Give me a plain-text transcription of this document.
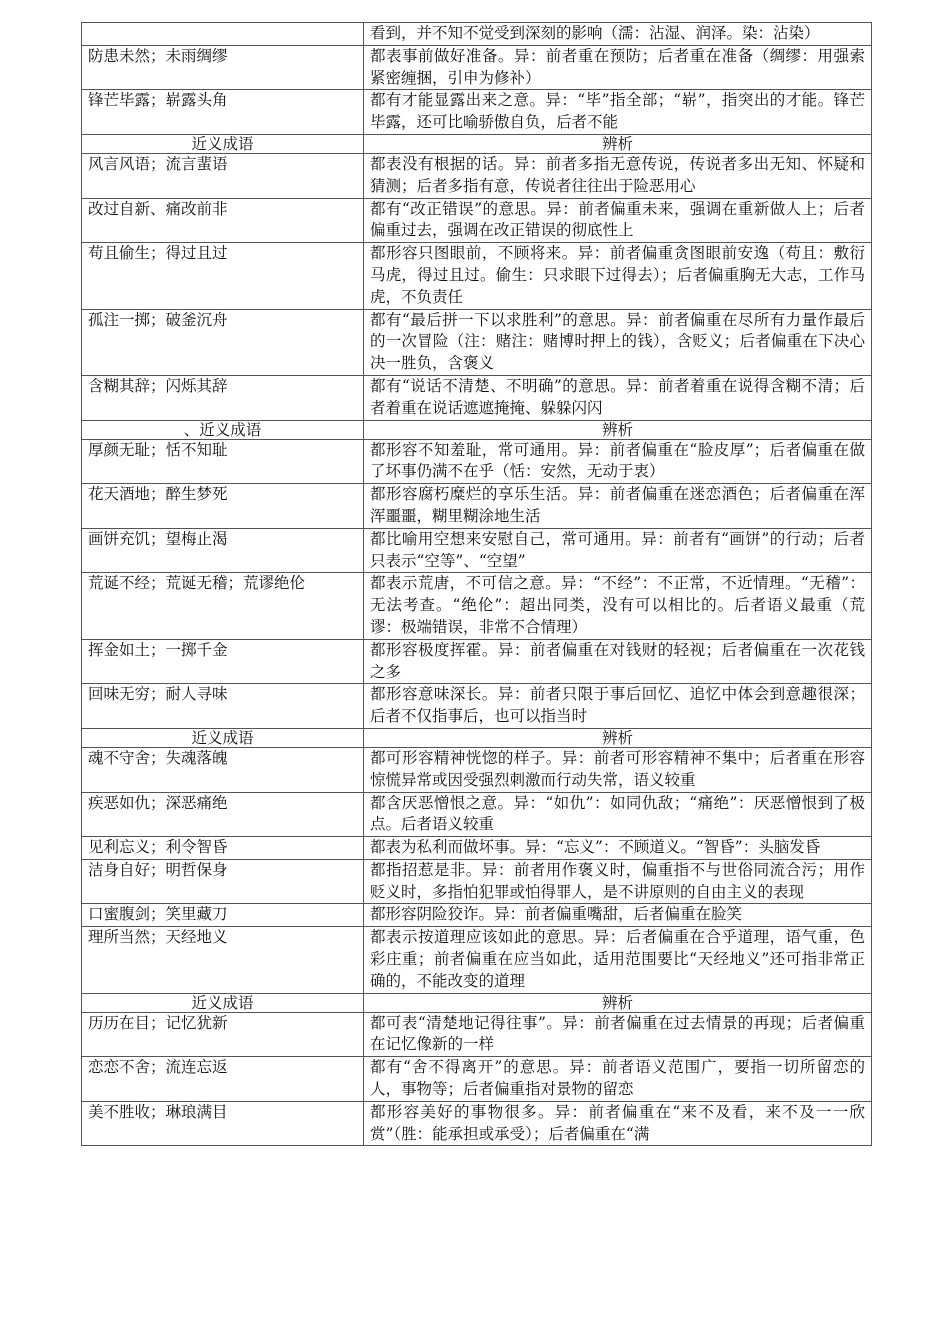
	看到，并不知不觉受到深刻的影响（濡：沾湿、润泽。染：沾染）
防患未然；未雨绸缪	都表事前做好准备。异：前者重在预防；后者重在准备（绸缪：用强索紧密缠捆，引申为修补）
锋芒毕露；崭露头角	都有才能显露出来之意。异：“毕”指全部；“崭”，指突出的才能。锋芒毕露，还可比喻骄傲自负，后者不能
近义成语	辨析
风言风语；流言蜚语	都表没有根据的话。异：前者多指无意传说，传说者多出无知、怀疑和猜测；后者多指有意，传说者往往出于险恶用心
改过自新、痛改前非	都有“改正错误”的意思。异：前者偏重未来，强调在重新做人上；后者偏重过去，强调在改正错误的彻底性上
苟且偷生；得过且过	都形容只图眼前，不顾将来。异：前者偏重贪图眼前安逸（苟且：敷衍马虎，得过且过。偷生：只求眼下过得去）；后者偏重胸无大志，工作马虎，不负责任
孤注一掷；破釜沉舟	都有“最后拼一下以求胜利”的意思。异：前者偏重在尽所有力量作最后的一次冒险（注：赌注：赌博时押上的钱），含贬义；后者偏重在下决心决一胜负，含褒义
含糊其辞；闪烁其辞	都有“说话不清楚、不明确”的意思。异：前者着重在说得含糊不清；后者着重在说话遮遮掩掩、躲躲闪闪
、近义成语	辨析
厚颜无耻；恬不知耻	都形容不知羞耻，常可通用。异：前者偏重在“脸皮厚”；后者偏重在做了坏事仍满不在乎（恬：安然，无动于衷）
花天酒地；醉生梦死	都形容腐朽糜烂的享乐生活。异：前者偏重在迷恋酒色；后者偏重在浑浑噩噩，糊里糊涂地生活
画饼充饥；望梅止渴	都比喻用空想来安慰自己，常可通用。异：前者有“画饼”的行动；后者只表示“空等”、“空望”
荒诞不经；荒诞无稽；荒谬绝伦	都表示荒唐，不可信之意。异：“不经”：不正常，不近情理。“无稽”：无法考查。“绝伦”：超出同类，没有可以相比的。后者语义最重（荒谬：极端错误，非常不合情理）
挥金如土；一掷千金	都形容极度挥霍。异：前者偏重在对钱财的轻视；后者偏重在一次花钱之多
回味无穷；耐人寻味	都形容意味深长。异：前者只限于事后回忆、追忆中体会到意趣很深；后者不仅指事后，也可以指当时
近义成语	辨析
魂不守舍；失魂落魄	都可形容精神恍惚的样子。异：前者可形容精神不集中；后者重在形容惊慌异常或因受强烈刺激而行动失常，语义较重
疾恶如仇；深恶痛绝	都含厌恶憎恨之意。异：“如仇”：如同仇敌；“痛绝”：厌恶憎恨到了极点。后者语义较重
见利忘义；利令智昏	都表为私利而做坏事。异：“忘义”：不顾道义。“智昏”：头脑发昏
洁身自好；明哲保身	都指招惹是非。异：前者用作褒义时，偏重指不与世俗同流合污；用作贬义时，多指怕犯罪或怕得罪人，是不讲原则的自由主义的表现
口蜜腹剑；笑里藏刀	都形容阴险狡诈。异：前者偏重嘴甜，后者偏重在脸笑
理所当然；天经地义	都表示按道理应该如此的意思。异：后者偏重在合乎道理，语气重，色彩庄重；前者偏重在应当如此，适用范围要比“天经地义”还可指非常正确的，不能改变的道理
近义成语	辨析
历历在目；记忆犹新	都可表“清楚地记得往事”。异：前者偏重在过去情景的再现；后者偏重在记忆像新的一样
恋恋不舍；流连忘返	都有“舍不得离开”的意思。异：前者语义范围广，要指一切所留恋的人，事物等；后者偏重指对景物的留恋
美不胜收；琳琅满目	都形容美好的事物很多。异：前者偏重在“来不及看，来不及一一欣赏”（胜：能承担或承受）；后者偏重在“满
